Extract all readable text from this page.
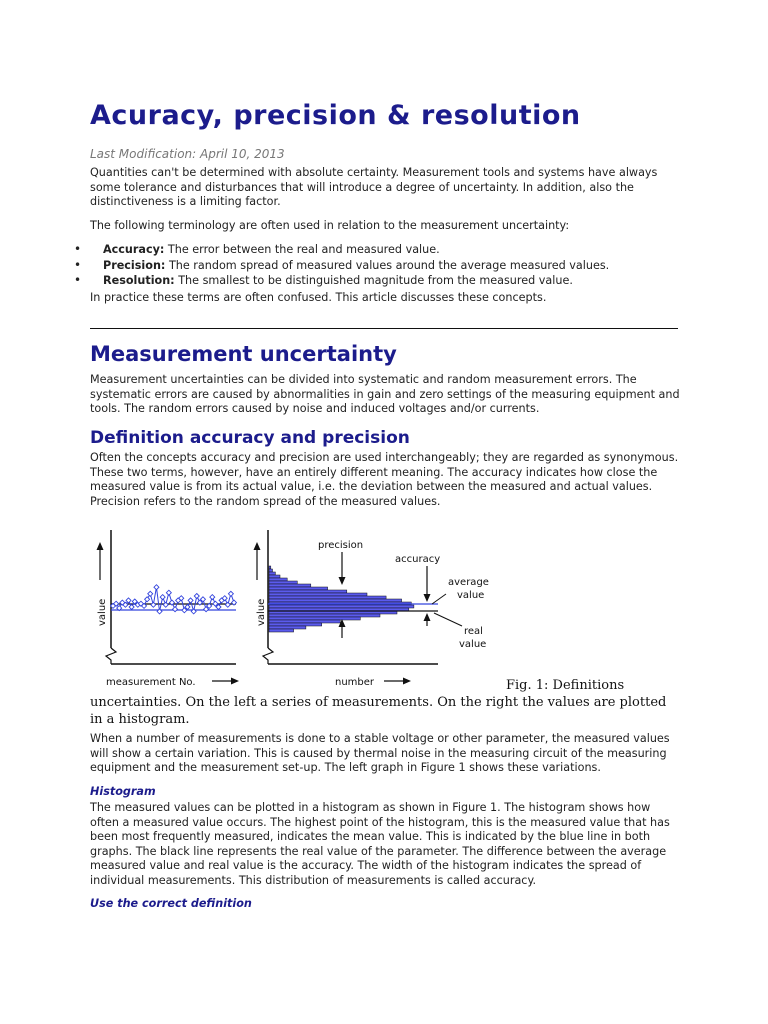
Acuracy, precision & resolution

Last Modification: April 10, 2013

Quantities can't be determined with absolute certainty. Measurement tools and systems have always some tolerance and disturbances that will introduce a degree of uncertainty. In addition, also the distinctiveness is a limiting factor.

The following terminology are often used in relation to the measurement uncertainty:

• Accuracy: The error between the real and measured value.
• Precision: The random spread of measured values around the average measured values.
• Resolution: The smallest to be distinguished magnitude from the measured value.

In practice these terms are often confused. This article discusses these concepts.

Measurement uncertainty

Measurement uncertainties can be divided into systematic and random measurement errors. The systematic errors are caused by abnormalities in gain and zero settings of the measuring equipment and tools. The random errors caused by noise and induced voltages and/or currents.

Definition accuracy and precision

Often the concepts accuracy and precision are used interchangeably; they are regarded as synonymous. These two terms, however, have an entirely different meaning. The accuracy indicates how close the measured value is from its actual value, i.e. the deviation between the measured and actual values. Precision refers to the random spread of the measured values.

Fig. 1: Definitions

uncertainties. On the left a series of measurements. On the right the values are plotted in a histogram.

When a number of measurements is done to a stable voltage or other parameter, the measured values will show a certain variation. This is caused by thermal noise in the measuring circuit of the measuring equipment and the measurement set-up. The left graph in Figure 1 shows these variations.

Histogram

The measured values can be plotted in a histogram as shown in Figure 1. The histogram shows how often a measured value occurs. The highest point of the histogram, this is the measured value that has been most frequently measured, indicates the mean value. This is indicated by the blue line in both graphs. The black line represents the real value of the parameter. The difference between the average measured value and real value is the accuracy. The width of the histogram indicates the spread of individual measurements. This distribution of measurements is called accuracy.

Use the correct definition
value
measurement No.
precision
accuracy
average
value
real
value
value
number
